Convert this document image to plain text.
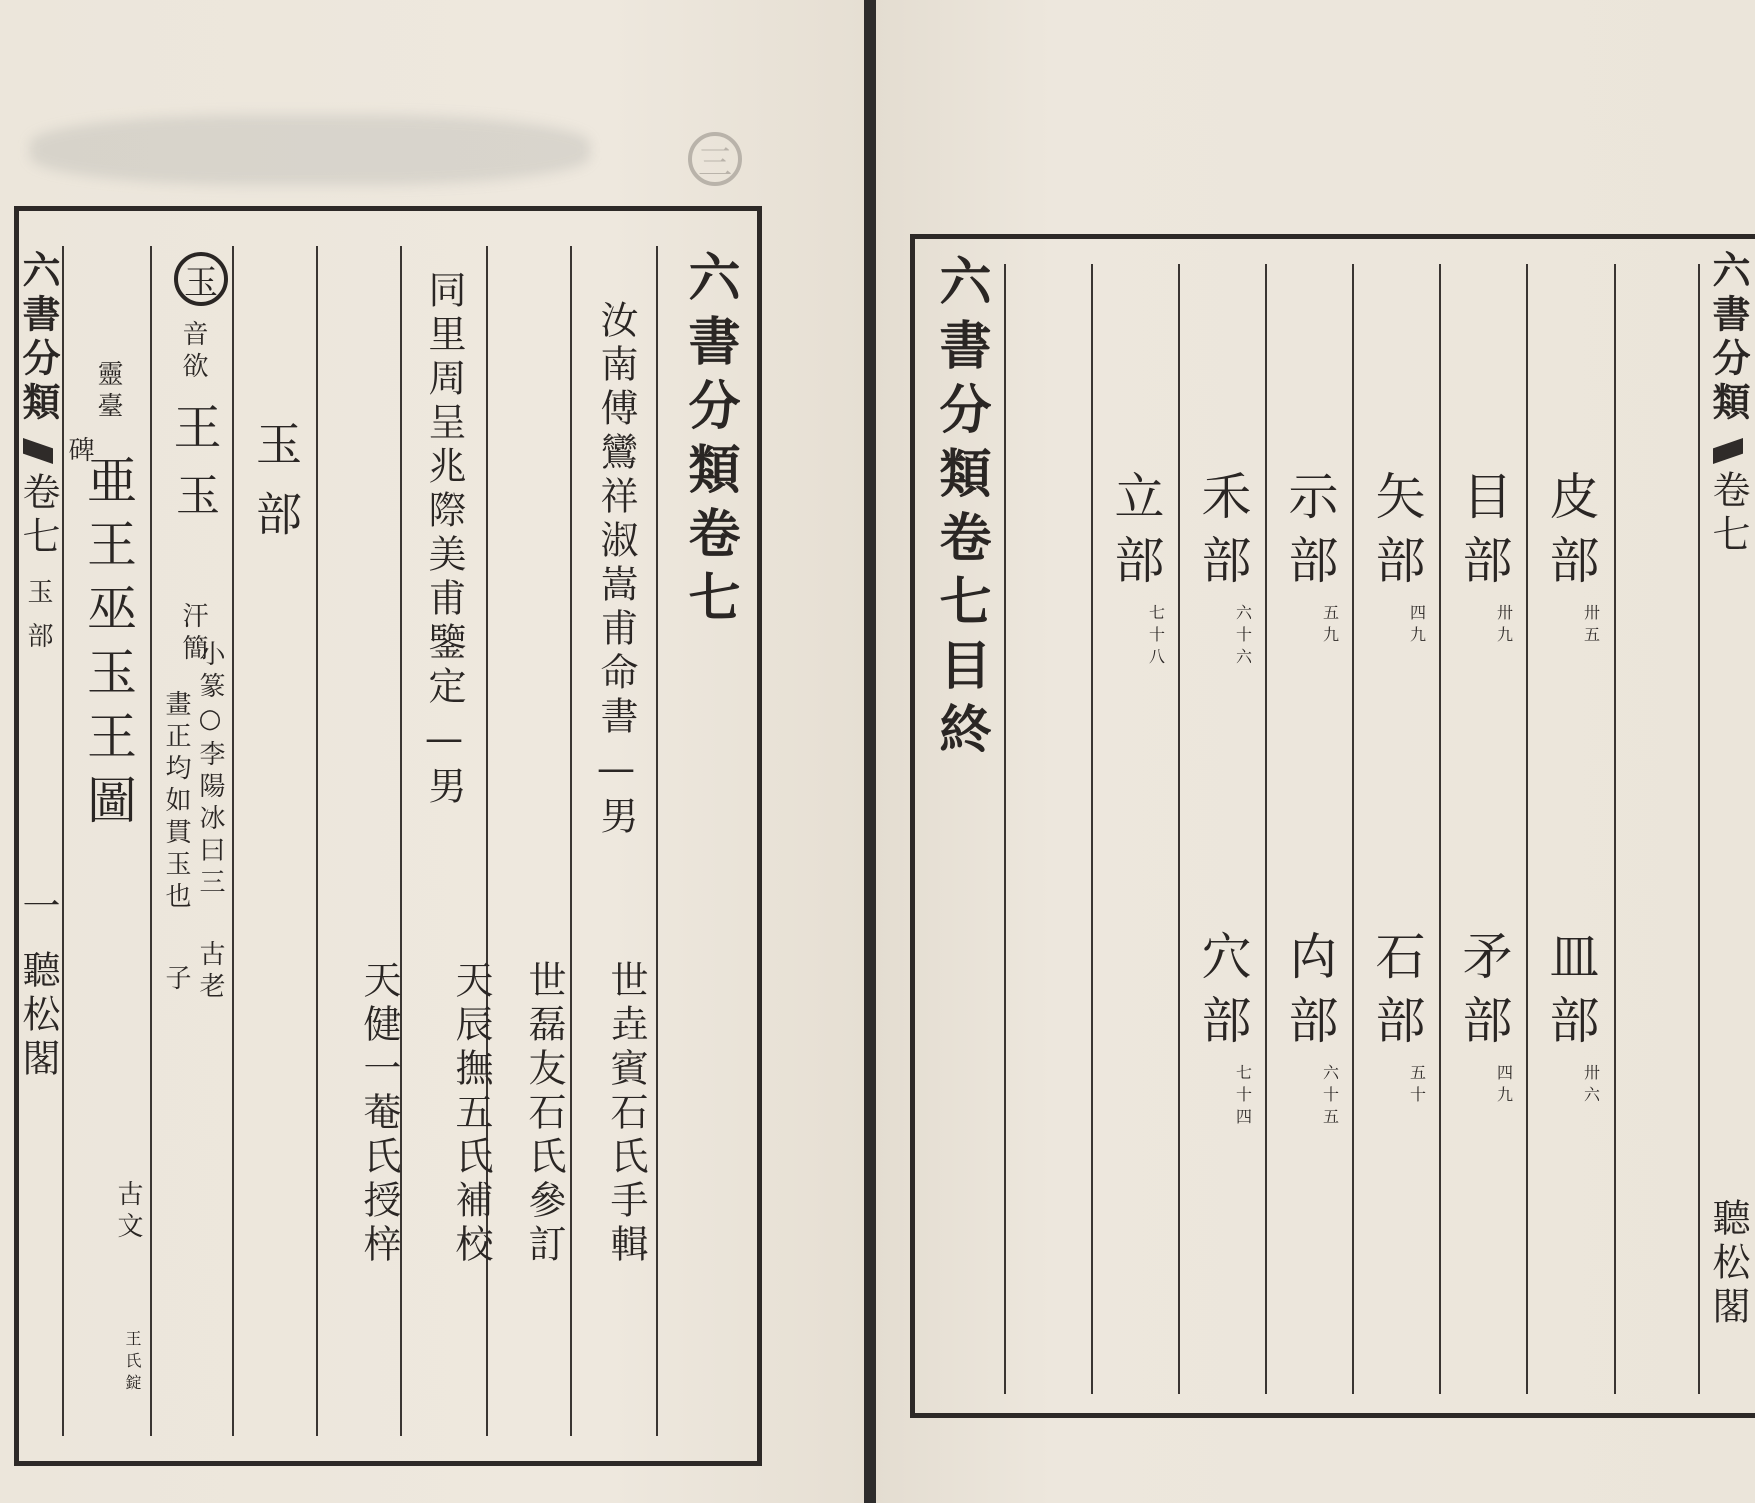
三
六書分類卷七
汝南傅鸞祥淑嵩甫命書
—
男
世垚賓石氏手輯
世磊友石氏參訂
同里周呈兆際美甫鑒定
—
男
天辰撫五氏補校
天健一菴氏授梓
玉部
玉
音欲
王
玉
汗簡
小篆○李陽冰曰三
古老
畫正均如貫玉也
子
靈臺
亜王巫玉王圖
碑
古文
王氏
錠
六書分類
卷七
玉部
一
聽松閣
六書分類卷七目終	皮部
卅五
皿部
卅六
目部
卅九
矛部
四九
矢部
四九
石部
五十
示部
五九
禸部
六十五
禾部
六十六
穴部
七十四
立部
七十八
六書分類
卷七
聽松閣
